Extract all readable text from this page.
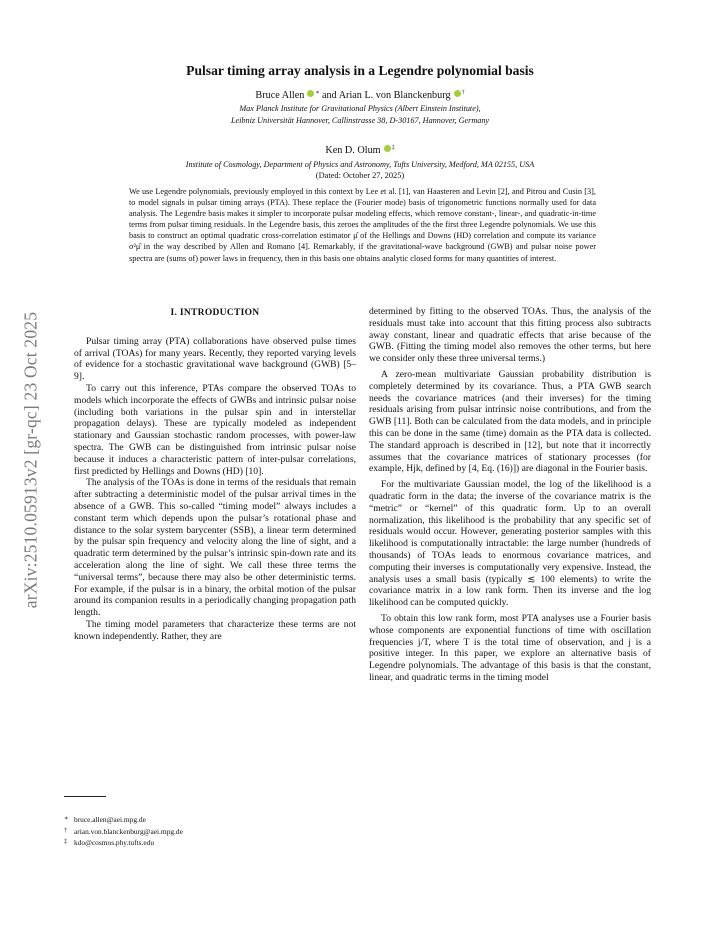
arXiv:2510.05913v2 [gr-qc] 23 Oct 2025
Pulsar timing array analysis in a Legendre polynomial basis
Bruce Allen ∗ and Arian L. von Blanckenburg †
Max Planck Institute for Gravitational Physics (Albert Einstein Institute),
Leibniz Universität Hannover, Callinstrasse 38, D-30167, Hannover, Germany
Ken D. Olum ‡
Institute of Cosmology, Department of Physics and Astronomy, Tufts University, Medford, MA 02155, USA
(Dated: October 27, 2025)
We use Legendre polynomials, previously employed in this context by Lee et al. [1], van Haasteren and Levin [2], and Pitrou and Cusin [3], to model signals in pulsar timing arrays (PTA). These replace the (Fourier mode) basis of trigonometric functions normally used for data analysis. The Legendre basis makes it simpler to incorporate pulsar modeling effects, which remove constant-, linear-, and quadratic-in-time terms from pulsar timing residuals. In the Legendre basis, this zeroes the amplitudes of the the first three Legendre polynomials. We use this basis to construct an optimal quadratic cross-correlation estimator μ̂ of the Hellings and Downs (HD) correlation and compute its variance σ²μ̂ in the way described by Allen and Romano [4]. Remarkably, if the gravitational-wave background (GWB) and pulsar noise power spectra are (sums of) power laws in frequency, then in this basis one obtains analytic closed forms for many quantities of interest.
I. INTRODUCTION

Pulsar timing array (PTA) collaborations have observed pulse times of arrival (TOAs) for many years. Recently, they reported varying levels of evidence for a stochastic gravitational wave background (GWB) [5–9].

To carry out this inference, PTAs compare the observed TOAs to models which incorporate the effects of GWBs and intrinsic pulsar noise (including both variations in the pulsar spin and in interstellar propagation delays). These are typically modeled as independent stationary and Gaussian stochastic random processes, with power-law spectra. The GWB can be distinguished from intrinsic pulsar noise because it induces a characteristic pattern of inter-pulsar correlations, first predicted by Hellings and Downs (HD) [10].

The analysis of the TOAs is done in terms of the residuals that remain after subtracting a deterministic model of the pulsar arrival times in the absence of a GWB. This so-called “timing model” always includes a constant term which depends upon the pulsar’s rotational phase and distance to the solar system barycenter (SSB), a linear term determined by the pulsar spin frequency and velocity along the line of sight, and a quadratic term determined by the pulsar’s intrinsic spin-down rate and its acceleration along the line of sight. We call these three terms the “universal terms”, because there may also be other deterministic terms. For example, if the pulsar is in a binary, the orbital motion of the pulsar around its companion results in a periodically changing propagation path length.

The timing model parameters that characterize these terms are not known independently. Rather, they are

determined by fitting to the observed TOAs. Thus, the analysis of the residuals must take into account that this fitting process also subtracts away constant, linear and quadratic effects that arise because of the GWB. (Fitting the timing model also removes the other terms, but here we consider only these three universal terms.)

A zero-mean multivariate Gaussian probability distribution is completely determined by its covariance. Thus, a PTA GWB search needs the covariance matrices (and their inverses) for the timing residuals arising from pulsar intrinsic noise contributions, and from the GWB [11]. Both can be calculated from the data models, and in principle this can be done in the same (time) domain as the PTA data is collected. The standard approach is described in [12], but note that it incorrectly assumes that the covariance matrices of stationary processes (for example, Hjk, defined by [4, Eq. (16)]) are diagonal in the Fourier basis.

For the multivariate Gaussian model, the log of the likelihood is a quadratic form in the data; the inverse of the covariance matrix is the “metric” or “kernel” of this quadratic form. Up to an overall normalization, this likelihood is the probability that any specific set of residuals would occur. However, generating posterior samples with this likelihood is computationally intractable: the large number (hundreds of thousands) of TOAs leads to enormous covariance matrices, and computing their inverses is computationally very expensive. Instead, the analysis uses a small basis (typically ≲ 100 elements) to write the covariance matrix in a low rank form. Then its inverse and the log likelihood can be computed quickly.

To obtain this low rank form, most PTA analyses use a Fourier basis whose components are exponential functions of time with oscillation frequencies j/T, where T is the total time of observation, and j is a positive integer. In this paper, we explore an alternative basis of Legendre polynomials. The advantage of this basis is that the constant, linear, and quadratic terms in the timing model

∗ bruce.allen@aei.mpg.de
† arian.von.blanckenburg@aei.mpg.de
‡ kdo@cosmos.phy.tufts.edu
